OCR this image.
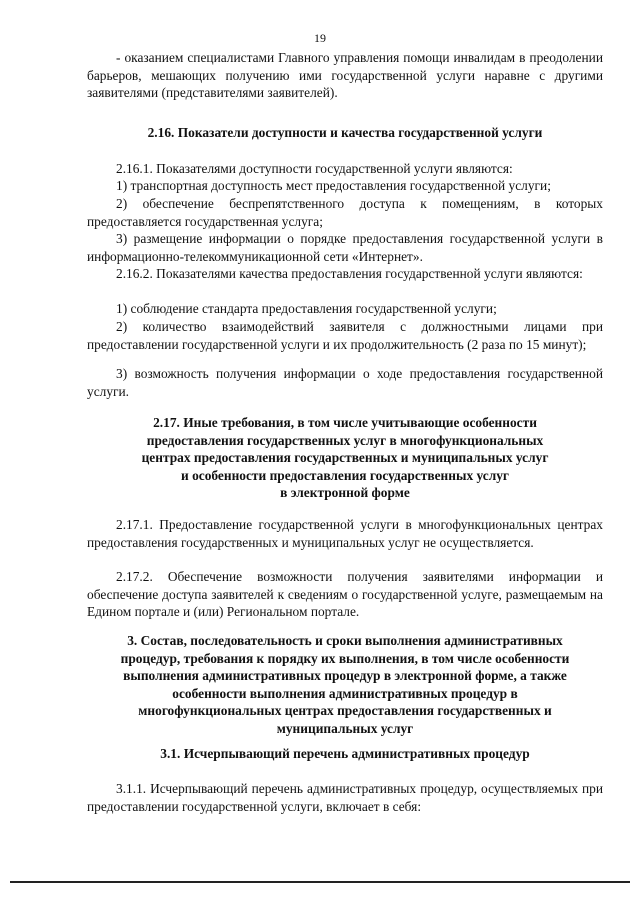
19

- оказанием специалистами Главного управления помощи инвалидам в преодолении барьеров, мешающих получению ими государственной услуги наравне с другими заявителями (представителями заявителей).

2.16. Показатели доступности и качества государственной услуги

2.16.1. Показателями доступности государственной услуги являются:

1) транспортная доступность мест предоставления государственной услуги;

2) обеспечение беспрепятственного доступа к помещениям, в которых предоставляется государственная услуга;

3) размещение информации о порядке предоставления государственной услуги в информационно-телекоммуникационной сети «Интернет».

2.16.2. Показателями качества предоставления государственной услуги являются:

1) соблюдение стандарта предоставления государственной услуги;

2) количество взаимодействий заявителя с должностными лицами при предоставлении государственной услуги и их продолжительность (2 раза по 15 минут);

3) возможность получения информации о ходе предоставления государственной услуги.

2.17. Иные требования, в том числе учитывающие особенности
предоставления государственных услуг в многофункциональных
центрах предоставления государственных и муниципальных услуг
и особенности предоставления государственных услуг
в электронной форме

2.17.1. Предоставление государственной услуги в многофункциональных центрах предоставления государственных и муниципальных услуг не осуществляется.

2.17.2. Обеспечение возможности получения заявителями информации и обеспечение доступа заявителей к сведениям о государственной услуге, размещаемым на Едином портале и (или) Региональном портале.

3. Состав, последовательность и сроки выполнения административных
процедур, требования к порядку их выполнения, в том числе особенности
выполнения административных процедур в электронной форме, а также
особенности выполнения административных процедур в
многофункциональных центрах предоставления государственных и
муниципальных услуг

3.1. Исчерпывающий перечень административных процедур

3.1.1. Исчерпывающий перечень административных процедур, осуществляемых при предоставлении государственной услуги, включает в себя:
